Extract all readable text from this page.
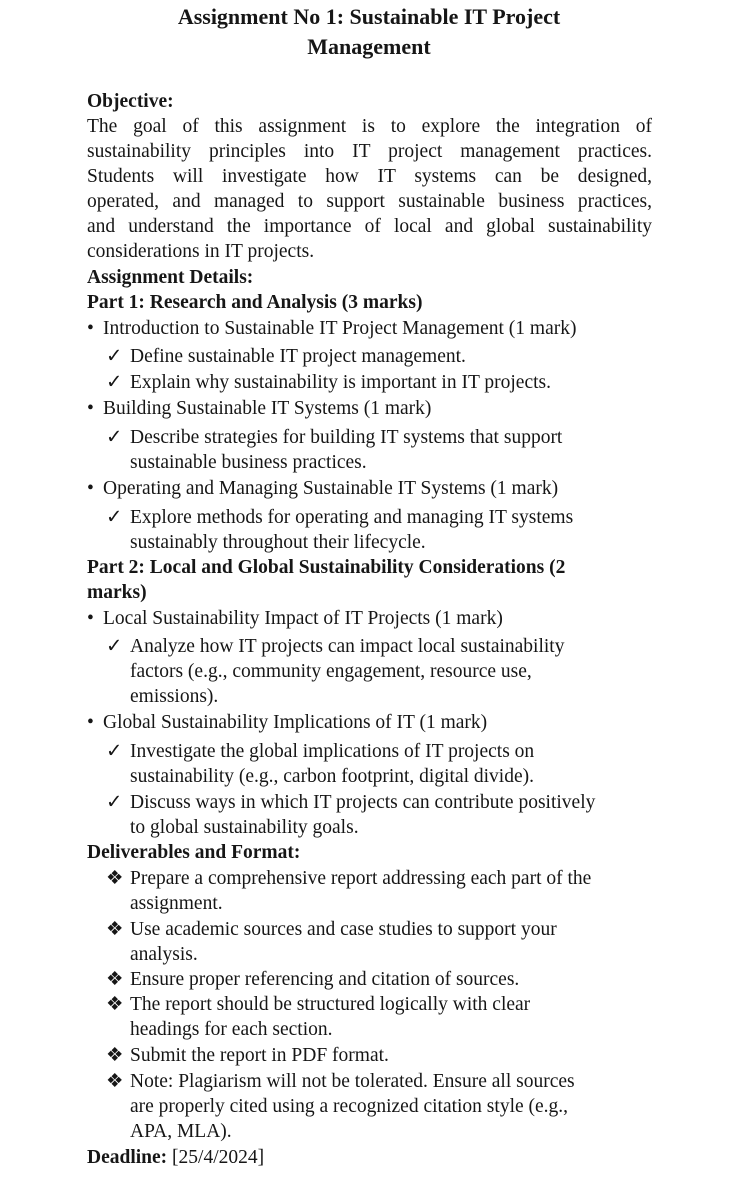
Assignment No 1: Sustainable IT Project
Management
Objective:
The goal of this assignment is to explore the integration of
sustainability principles into IT project management practices.
Students will investigate how IT systems can be designed,
operated, and managed to support sustainable business practices,
and understand the importance of local and global sustainability
considerations in IT projects.
Assignment Details:
Part 1: Research and Analysis (3 marks)
• Introduction to Sustainable IT Project Management (1 mark)
✓ Define sustainable IT project management.
✓ Explain why sustainability is important in IT projects.
• Building Sustainable IT Systems (1 mark)
✓ Describe strategies for building IT systems that support
sustainable business practices.
• Operating and Managing Sustainable IT Systems (1 mark)
✓ Explore methods for operating and managing IT systems
sustainably throughout their lifecycle.
Part 2: Local and Global Sustainability Considerations (2
marks)
• Local Sustainability Impact of IT Projects (1 mark)
✓ Analyze how IT projects can impact local sustainability
factors (e.g., community engagement, resource use,
emissions).
• Global Sustainability Implications of IT (1 mark)
✓ Investigate the global implications of IT projects on
sustainability (e.g., carbon footprint, digital divide).
✓ Discuss ways in which IT projects can contribute positively
to global sustainability goals.
Deliverables and Format:
❖ Prepare a comprehensive report addressing each part of the
assignment.
❖ Use academic sources and case studies to support your
analysis.
❖ Ensure proper referencing and citation of sources.
❖ The report should be structured logically with clear
headings for each section.
❖ Submit the report in PDF format.
❖ Note: Plagiarism will not be tolerated. Ensure all sources
are properly cited using a recognized citation style (e.g.,
APA, MLA).
Deadline: [25/4/2024]
